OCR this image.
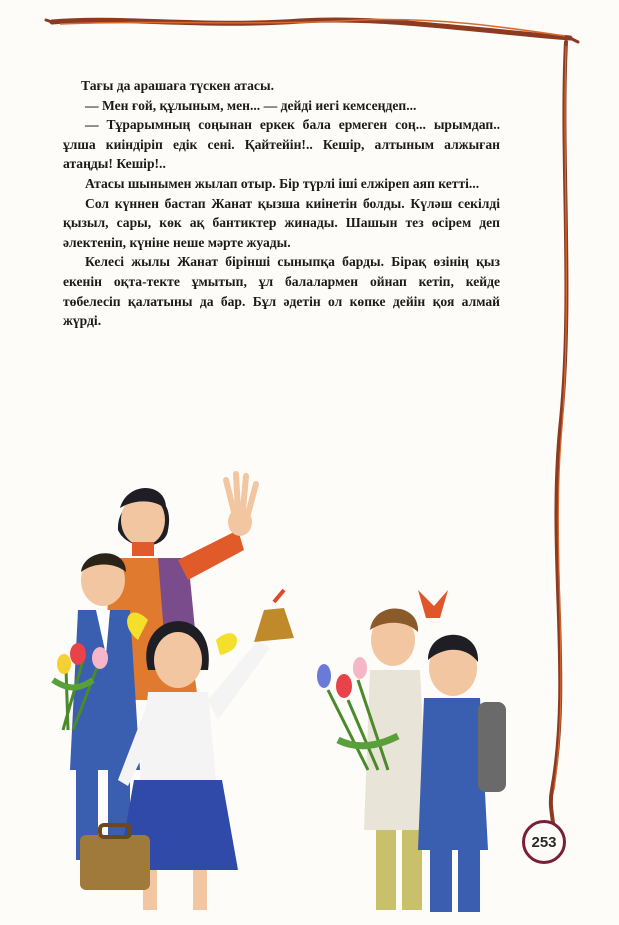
Тағы да арашаға түскен атасы.

— Мен ғой, құлыным, мен... — дейді иегі кемсеңдеп...

— Тұрарымның соңынан еркек бала ермеген соң... ырымдап.. ұлша киіндіріп едік сені. Қайтейін!.. Кешір, алтыным алжыған атаңды! Кешір!..

Атасы шынымен жылап отыр. Бір түрлі іші елжіреп аяп кетті...

Сол күннен бастап Жанат қызша киінетін болды. Күләш секілді қызыл, сары, көк ақ бантиктер жинады. Шашын тез өсірем деп әлектеніп, күніне неше мәрте жуады.

Келесі жылы Жанат бірінші сыныпқа барды. Бірақ өзінің қыз екенін оқта-текте ұмытып, ұл балалармен ойнап кетіп, кейде төбелесіп қалатыны да бар. Бұл әдетін ол көпке дейін қоя алмай жүрді.

253
